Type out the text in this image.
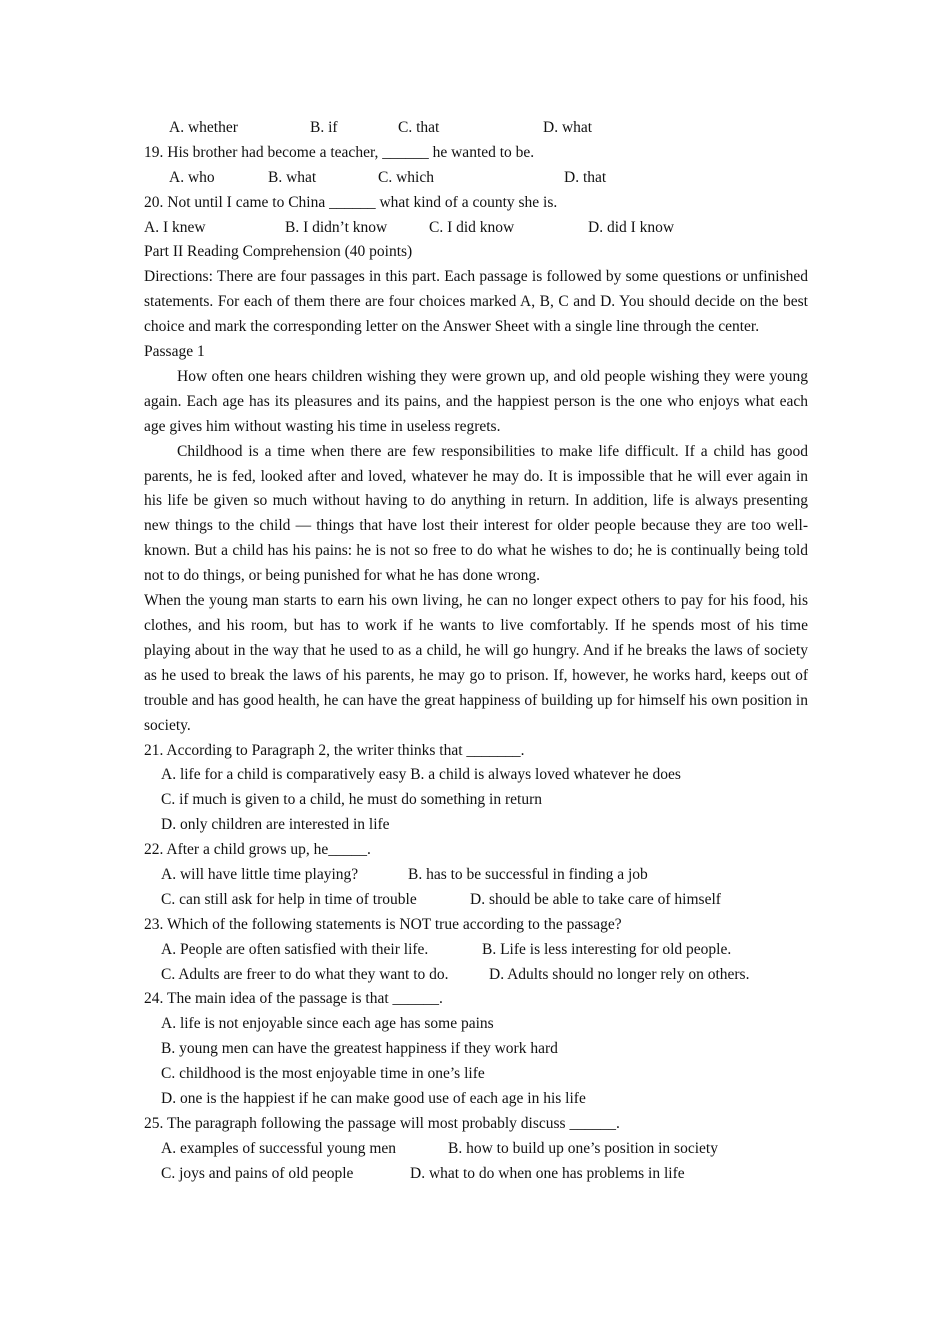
A. whether	B. if	C. that	D. what
19. His brother had become a teacher, ______ he wanted to be.
A. who	B. what	C. which	D. that
20. Not until I came to China ______ what kind of a county she is.
A. I knew	B. I didn’t know	C. I did know	D. did I know
Part II Reading Comprehension (40 points)

Directions: There are four passages in this part. Each passage is followed by some questions or unfinished statements. For each of them there are four choices marked A, B, C and D. You should decide on the best choice and mark the corresponding letter on the Answer Sheet with a single line through the center.

Passage 1

How often one hears children wishing they were grown up, and old people wishing they were young again. Each age has its pleasures and its pains, and the happiest person is the one who enjoys what each age gives him without wasting his time in useless regrets.

Childhood is a time when there are few responsibilities to make life difficult. If a child has good parents, he is fed, looked after and loved, whatever he may do. It is impossible that he will ever again in his life be given so much without having to do anything in return. In addition, life is always presenting new things to the child — things that have lost their interest for older people because they are too well-known. But a child has his pains: he is not so free to do what he wishes to do; he is continually being told not to do things, or being punished for what he has done wrong.

When the young man starts to earn his own living, he can no longer expect others to pay for his food, his clothes, and his room, but has to work if he wants to live comfortably. If he spends most of his time playing about in the way that he used to as a child, he will go hungry. And if he breaks the laws of society as he used to break the laws of his parents, he may go to prison. If, however, he works hard, keeps out of trouble and has good health, he can have the great happiness of building up for himself his own position in society.

21. According to Paragraph 2, the writer thinks that _______.
A. life for a child is comparatively easy B. a child is always loved whatever he does
C. if much is given to a child, he must do something in return
D. only children are interested in life
22. After a child grows up, he_____.
A. will have little time playing?	B. has to be successful in finding a job
C. can still ask for help in time of trouble	D. should be able to take care of himself
23. Which of the following statements is NOT true according to the passage?
A. People are often satisfied with their life.	B. Life is less interesting for old people.
C. Adults are freer to do what they want to do.	D. Adults should no longer rely on others.
24. The main idea of the passage is that ______.
A. life is not enjoyable since each age has some pains
B. young men can have the greatest happiness if they work hard
C. childhood is the most enjoyable time in one’s life
D. one is the happiest if he can make good use of each age in his life
25. The paragraph following the passage will most probably discuss ______.
A. examples of successful young men	B. how to build up one’s position in society
C. joys and pains of old people	D. what to do when one has problems in life
